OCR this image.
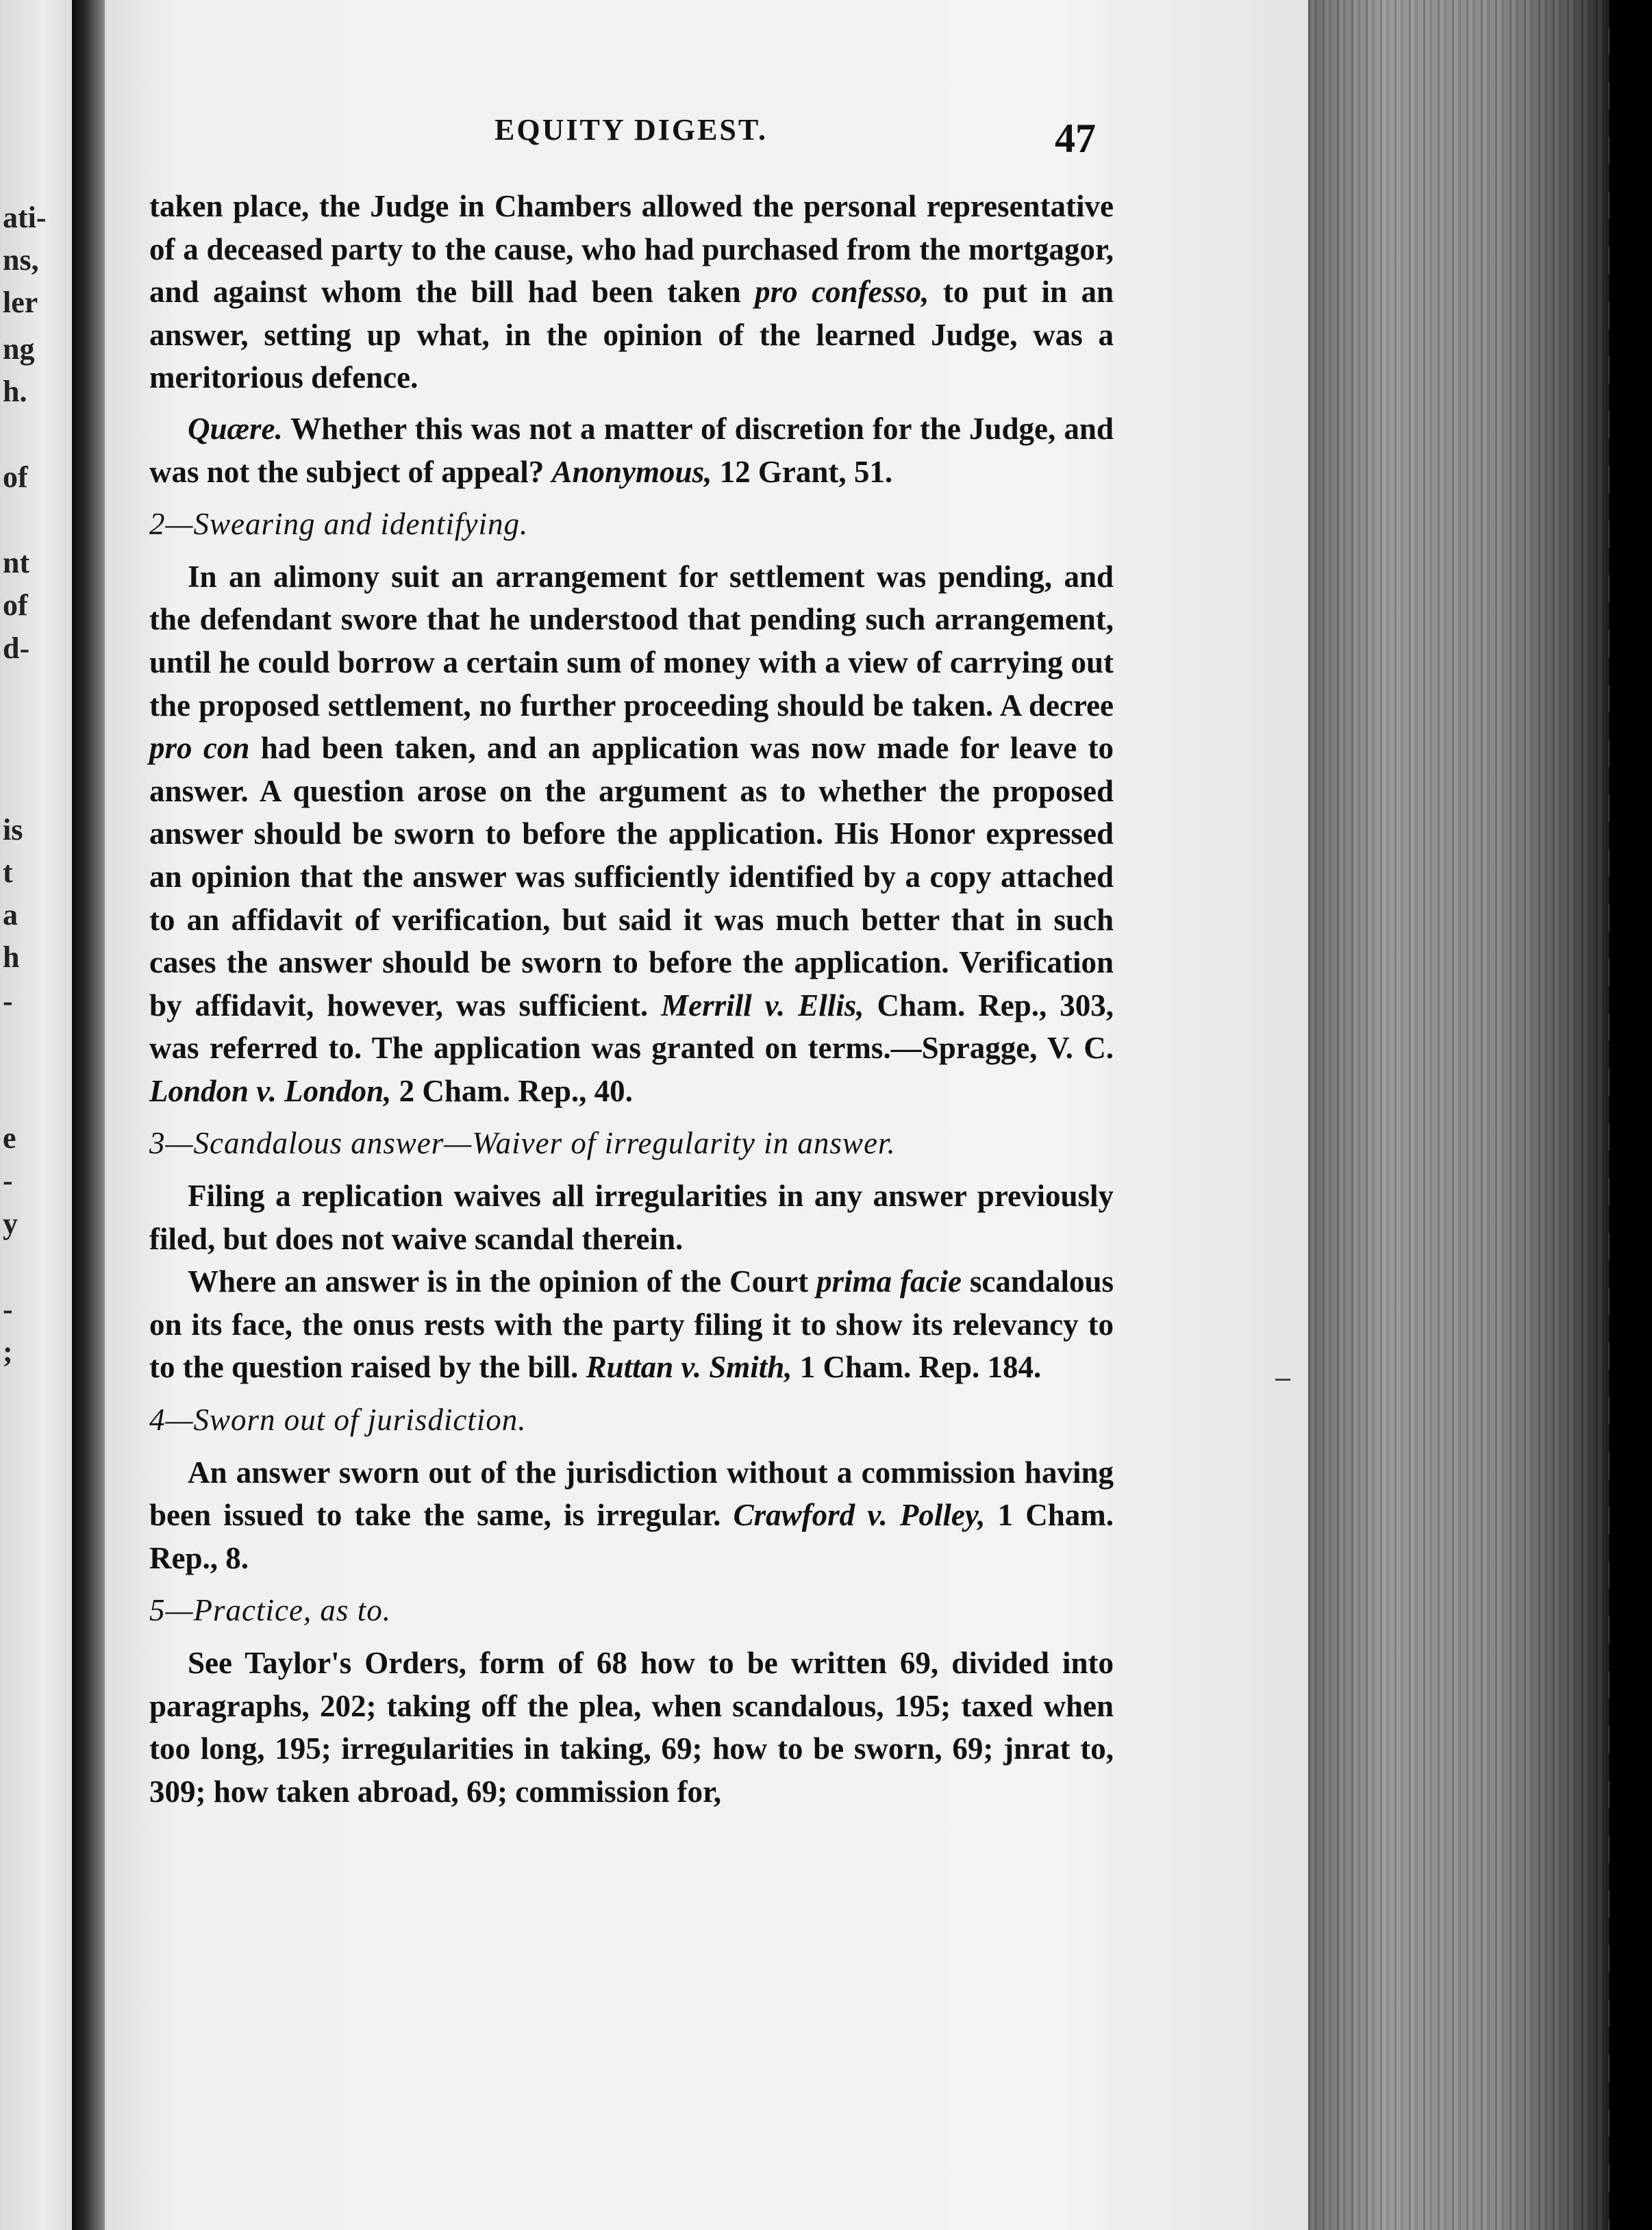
ati-
ns,
ler
ng
h.
of
nt
of
d-
is
t
a
h
-
e
-
y
-
;
EQUITY DIGEST.	47

taken place, the Judge in Chambers allowed the personal representative of a deceased party to the cause, who had purchased from the mortgagor, and against whom the bill had been taken pro confesso, to put in an answer, setting up what, in the opinion of the learned Judge, was a meritorious defence.

Quære. Whether this was not a matter of discretion for the Judge, and was not the subject of appeal? Anonymous, 12 Grant, 51.

2—Swearing and identifying.

In an alimony suit an arrangement for settlement was pending, and the defendant swore that he understood that pending such arrangement, until he could borrow a certain sum of money with a view of carrying out the proposed settlement, no further proceeding should be taken. A decree pro con had been taken, and an application was now made for leave to answer. A question arose on the argument as to whether the proposed answer should be sworn to before the application. His Honor expressed an opinion that the answer was sufficiently identified by a copy attached to an affidavit of verification, but said it was much better that in such cases the answer should be sworn to before the application. Verification by affidavit, however, was sufficient. Merrill v. Ellis, Cham. Rep., 303, was referred to. The application was granted on terms.—Spragge, V. C. London v. London, 2 Cham. Rep., 40.

3—Scandalous answer—Waiver of irregularity in answer.

Filing a replication waives all irregularities in any answer previously filed, but does not waive scandal therein.

Where an answer is in the opinion of the Court prima facie scandalous on its face, the onus rests with the party filing it to show its relevancy to to the question raised by the bill. Ruttan v. Smith, 1 Cham. Rep. 184.

4—Sworn out of jurisdiction.

An answer sworn out of the jurisdiction without a commission having been issued to take the same, is irregular. Crawford v. Polley, 1 Cham. Rep., 8.

5—Practice, as to.

See Taylor's Orders, form of 68 how to be written 69, divided into paragraphs, 202; taking off the plea, when scandalous, 195; taxed when too long, 195; irregularities in taking, 69; how to be sworn, 69; jnrat to, 309; how taken abroad, 69; commission for,
